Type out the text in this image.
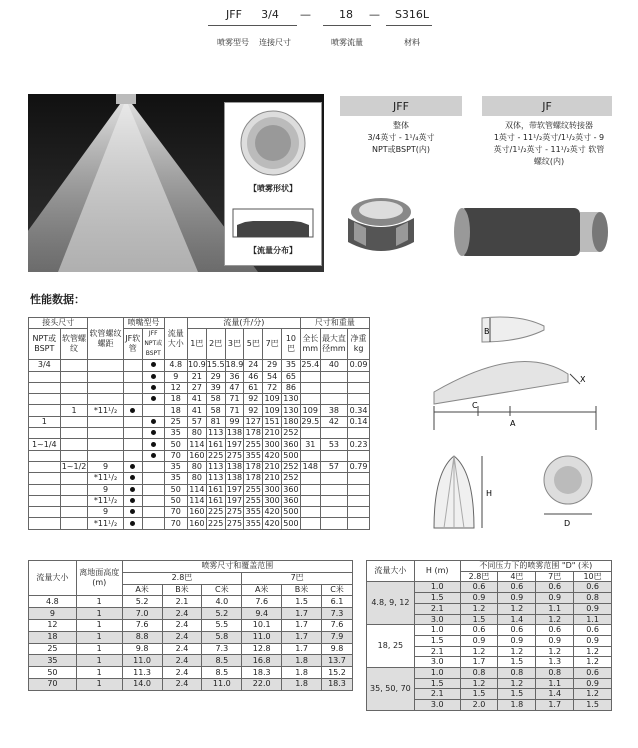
JFF
喷雾型号
3/4
连接尺寸
—	18
喷雾流量
—	S316L
材料
【喷雾形状】
【流量分布】
JFF
整体
3/4英寸 - 1¹/₄英寸
NPT或BSPT(内)
JF
双体，带软管螺纹转接器
1英寸 - 11¹/₂英寸/1¹/₂英寸 - 9
英寸/1¹/₂英寸 - 11¹/₂英寸 软管
螺纹(内)
性能数据：
接头尺寸		软管螺纹螺距	喷嘴型号		流量大小	流量(升/分)						尺寸和重量		
NPT或BSPT	软管螺纹		JF软管	JFF NPT或BSPT		1巴	2巴	3巴	5巴	7巴	10巴	全长mm	最大直径mm	净重kg

3/4					4.8	10.9	15.5	18.9	24	29	35	25.4	40	0.09
					9	21	29	36	46	54	65			
					12	27	39	47	61	72	86			
					18	41	58	71	92	109	130			
	1	*11¹/₂			18	41	58	71	92	109	130	109	38	0.34
1					25	57	81	99	127	151	180	29.5	42	0.14
					35	80	113	138	178	210	252			
1~1/4					50	114	161	197	255	300	360	31	53	0.23
					70	160	225	275	355	420	500			
	1~1/2	9			35	80	113	138	178	210	252	148	57	0.79
		*11¹/₂			35	80	113	138	178	210	252			
		9			50	114	161	197	255	300	360			
		*11¹/₂			50	114	161	197	255	300	360			
		9			70	160	225	275	355	420	500			
		*11¹/₂			70	160	225	275	355	420	500			
B
X
C
A
H
D
流量大小	离地面高度(m)	喷雾尺寸和覆盖范围					
		2.8巴			7巴		
		A米	B米	C米	A米	B米	C米
4.8	1	5.2	2.1	4.0	7.6	1.5	6.1
9	1	7.0	2.4	5.2	9.4	1.7	7.3
12	1	7.6	2.4	5.5	10.1	1.7	7.6
18	1	8.8	2.4	5.8	11.0	1.7	7.9
25	1	9.8	2.4	7.3	12.8	1.7	9.8
35	1	11.0	2.4	8.5	16.8	1.8	13.7
50	1	11.3	2.4	8.5	18.3	1.8	15.2
70	1	14.0	2.4	11.0	22.0	1.8	18.3
流量大小	H (m)	不同压力下的喷雾范围 "D" (米)			
		2.8巴	4巴	7巴	10巴
4.8, 9, 12	1.0	0.6	0.6	0.6	0.6
	1.5	0.9	0.9	0.9	0.8
	2.1	1.2	1.2	1.1	0.9
	3.0	1.5	1.4	1.2	1.1
18, 25	1.0	0.6	0.6	0.6	0.6
	1.5	0.9	0.9	0.9	0.9
	2.1	1.2	1.2	1.2	1.2
	3.0	1.7	1.5	1.3	1.2
35, 50, 70	1.0	0.8	0.8	0.8	0.6
	1.5	1.2	1.2	1.1	0.9
	2.1	1.5	1.5	1.4	1.2
	3.0	2.0	1.8	1.7	1.5
